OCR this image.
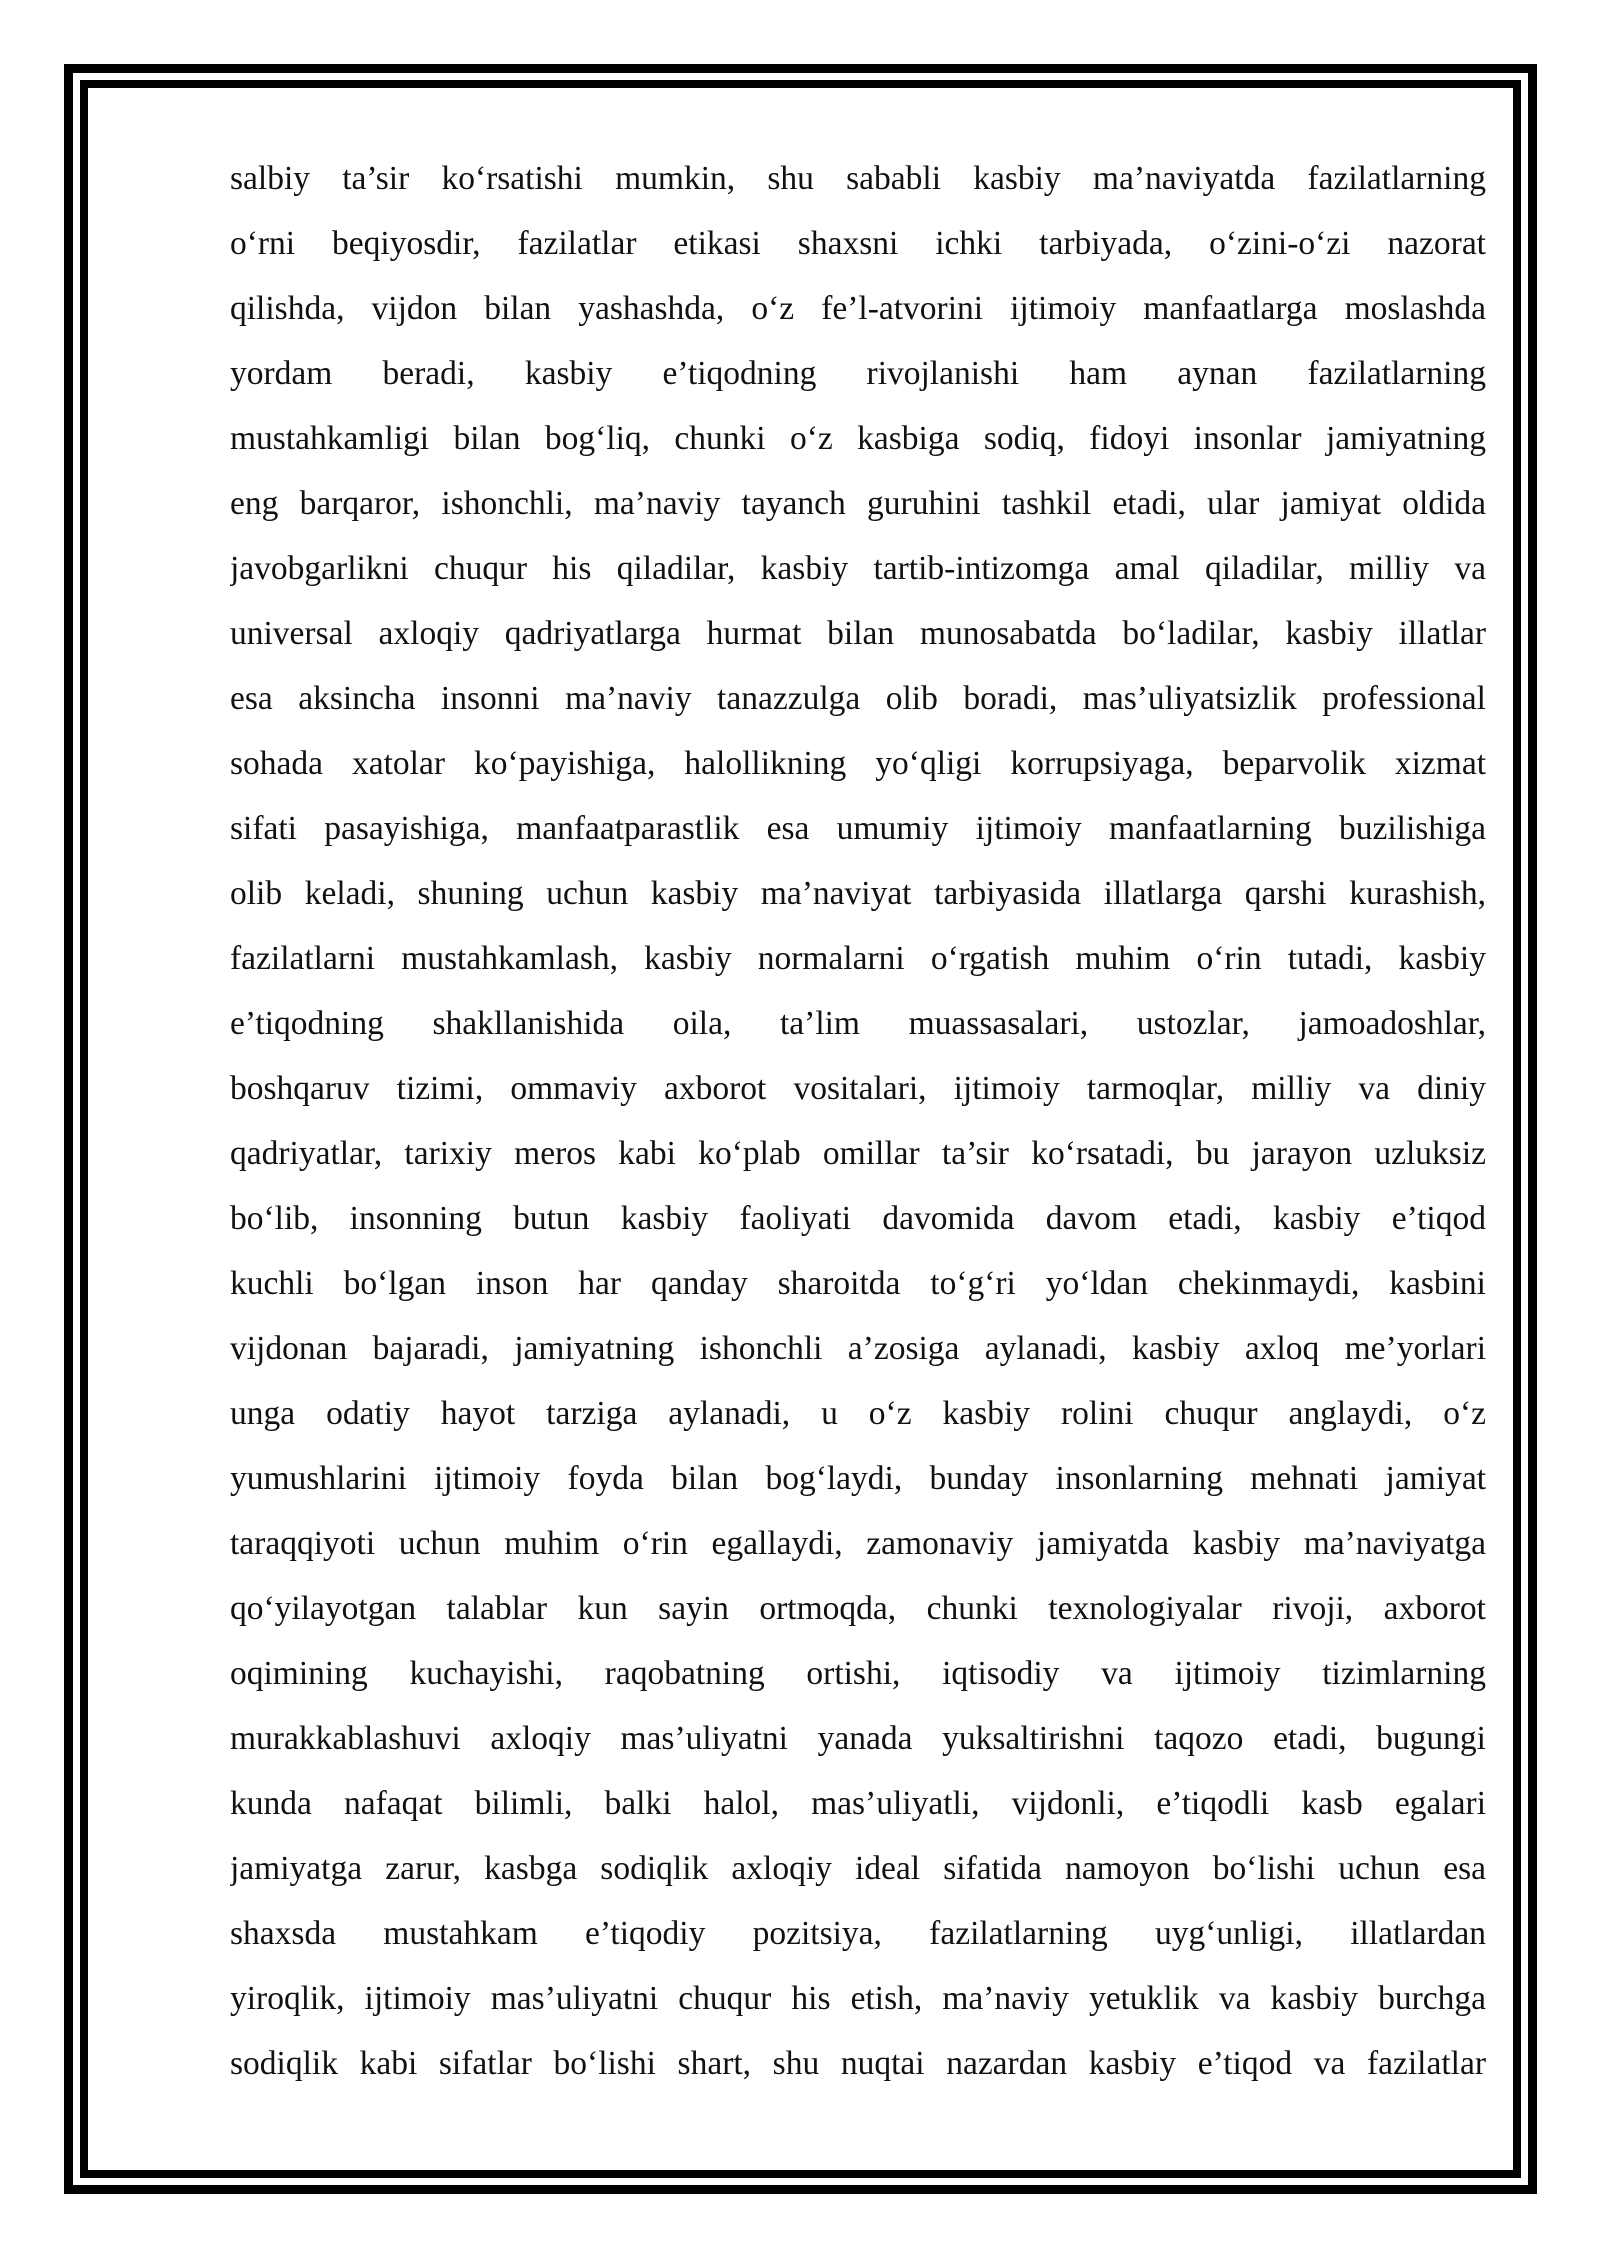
salbiy ta’sir ko‘rsatishi mumkin, shu sababli kasbiy ma’naviyatda fazilatlarning
o‘rni beqiyosdir, fazilatlar etikasi shaxsni ichki tarbiyada, o‘zini-o‘zi nazorat
qilishda, vijdon bilan yashashda, o‘z fe’l-atvorini ijtimoiy manfaatlarga moslashda
yordam beradi, kasbiy e’tiqodning rivojlanishi ham aynan fazilatlarning
mustahkamligi bilan bog‘liq, chunki o‘z kasbiga sodiq, fidoyi insonlar jamiyatning
eng barqaror, ishonchli, ma’naviy tayanch guruhini tashkil etadi, ular jamiyat oldida
javobgarlikni chuqur his qiladilar, kasbiy tartib-intizomga amal qiladilar, milliy va
universal axloqiy qadriyatlarga hurmat bilan munosabatda bo‘ladilar, kasbiy illatlar
esa aksincha insonni ma’naviy tanazzulga olib boradi, mas’uliyatsizlik professional
sohada xatolar ko‘payishiga, halollikning yo‘qligi korrupsiyaga, beparvolik xizmat
sifati pasayishiga, manfaatparastlik esa umumiy ijtimoiy manfaatlarning buzilishiga
olib keladi, shuning uchun kasbiy ma’naviyat tarbiyasida illatlarga qarshi kurashish,
fazilatlarni mustahkamlash, kasbiy normalarni o‘rgatish muhim o‘rin tutadi, kasbiy
e’tiqodning shakllanishida oila, ta’lim muassasalari, ustozlar, jamoadoshlar,
boshqaruv tizimi, ommaviy axborot vositalari, ijtimoiy tarmoqlar, milliy va diniy
qadriyatlar, tarixiy meros kabi ko‘plab omillar ta’sir ko‘rsatadi, bu jarayon uzluksiz
bo‘lib, insonning butun kasbiy faoliyati davomida davom etadi, kasbiy e’tiqod
kuchli bo‘lgan inson har qanday sharoitda to‘g‘ri yo‘ldan chekinmaydi, kasbini
vijdonan bajaradi, jamiyatning ishonchli a’zosiga aylanadi, kasbiy axloq me’yorlari
unga odatiy hayot tarziga aylanadi, u o‘z kasbiy rolini chuqur anglaydi, o‘z
yumushlarini ijtimoiy foyda bilan bog‘laydi, bunday insonlarning mehnati jamiyat
taraqqiyoti uchun muhim o‘rin egallaydi, zamonaviy jamiyatda kasbiy ma’naviyatga
qo‘yilayotgan talablar kun sayin ortmoqda, chunki texnologiyalar rivoji, axborot
oqimining kuchayishi, raqobatning ortishi, iqtisodiy va ijtimoiy tizimlarning
murakkablashuvi axloqiy mas’uliyatni yanada yuksaltirishni taqozo etadi, bugungi
kunda nafaqat bilimli, balki halol, mas’uliyatli, vijdonli, e’tiqodli kasb egalari
jamiyatga zarur, kasbga sodiqlik axloqiy ideal sifatida namoyon bo‘lishi uchun esa
shaxsda mustahkam e’tiqodiy pozitsiya, fazilatlarning uyg‘unligi, illatlardan
yiroqlik, ijtimoiy mas’uliyatni chuqur his etish, ma’naviy yetuklik va kasbiy burchga
sodiqlik kabi sifatlar bo‘lishi shart, shu nuqtai nazardan kasbiy e’tiqod va fazilatlar
